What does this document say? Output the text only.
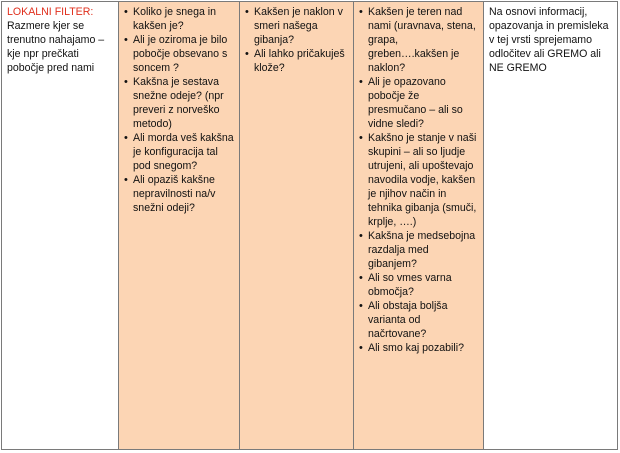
LOKALNI FILTER: Razmere kjer se trenutno nahajamo – kje npr prečkati pobočje pred nami	
• Koliko je snega in kakšen je?
• Ali je oziroma je bilo pobočje obsevano s soncem ?
• Kakšna je sestava snežne odeje? (npr preveri z norveško metodo)
• Ali morda veš kakšna je konfiguracija tal pod snegom?
• Ali opaziš kakšne nepravilnosti na/v snežni odeji?

• Kakšen je naklon v smeri našega gibanja?
• Ali lahko pričakuješ klože?

• Kakšen je teren nad nami (uravnava, stena, grapa, greben….kakšen je naklon?
• Ali je opazovano pobočje že presmučano – ali so vidne sledi?
• Kakšno je stanje v naši skupini – ali so ljudje utrujeni, ali upoštevajo navodila vodje, kakšen je njihov način in tehnika gibanja (smuči, krplje, ….)
• Kakšna je medsebojna razdalja med gibanjem?
• Ali so vmes varna območja?
• Ali obstaja boljša varianta od načrtovane?
• Ali smo kaj pozabili?
	Na osnovi informacij, opazovanja in premisleka v tej vrsti sprejemamo odločitev ali GREMO ali NE GREMO
